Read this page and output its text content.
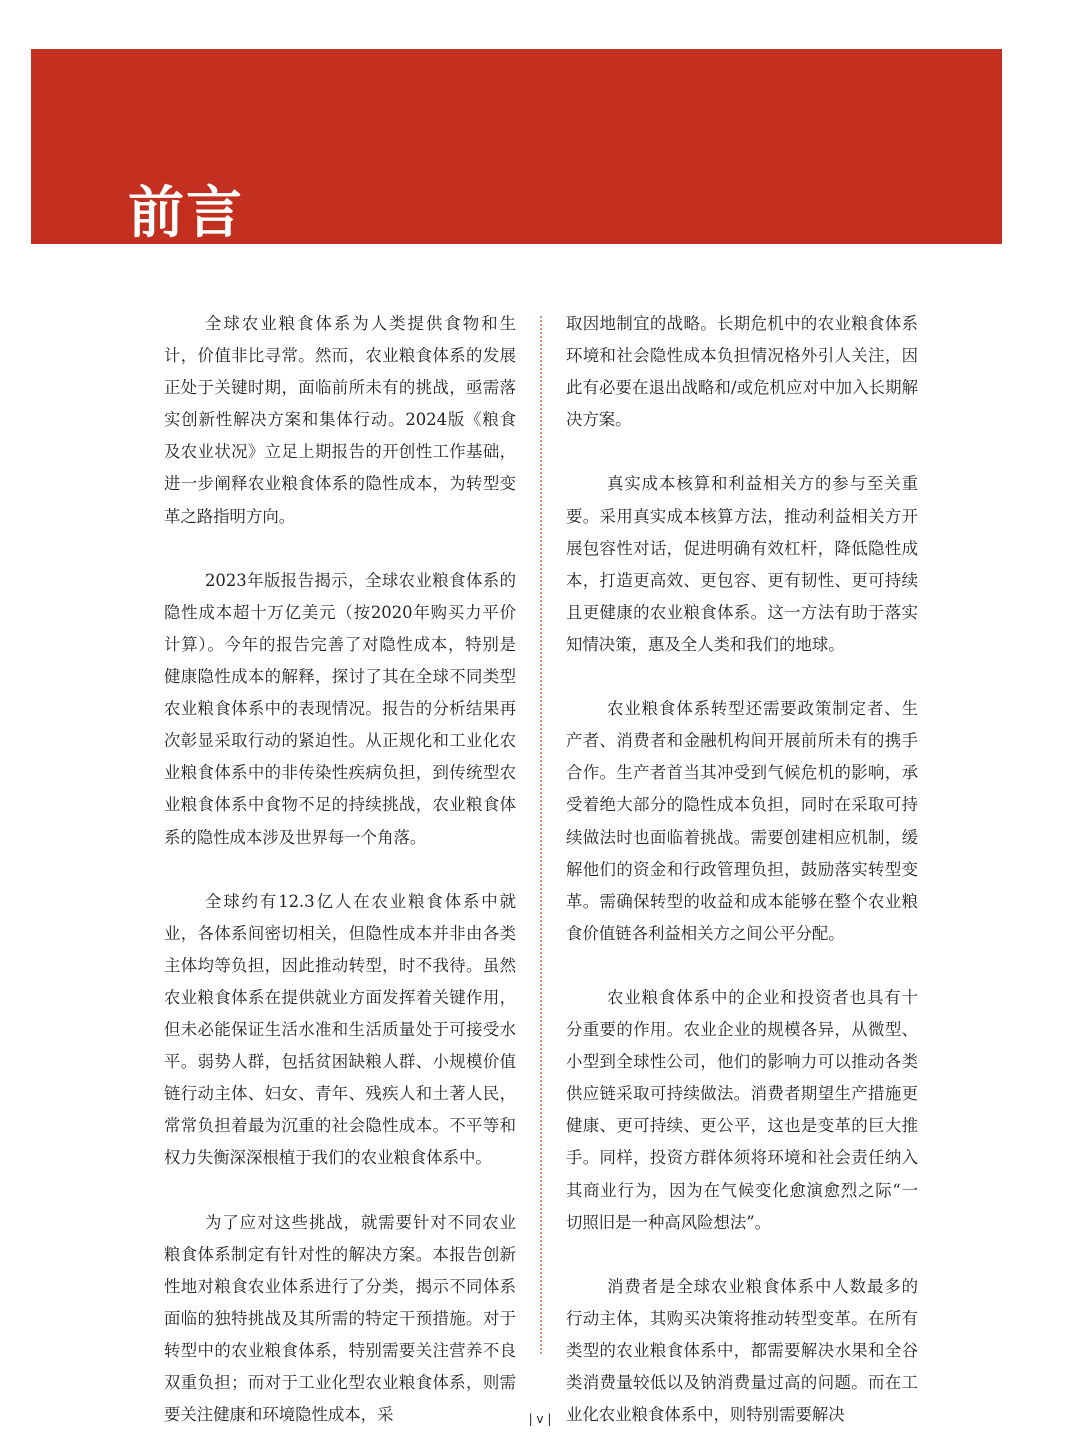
前言

全球农业粮食体系为人类提供食物和生计，价值非比寻常。然而，农业粮食体系的发展正处于关键时期，面临前所未有的挑战，亟需落实创新性解决方案和集体行动。2024版《粮食及农业状况》立足上期报告的开创性工作基础，进一步阐释农业粮食体系的隐性成本，为转型变革之路指明方向。

2023年版报告揭示，全球农业粮食体系的隐性成本超十万亿美元（按2020年购买力平价计算）。今年的报告完善了对隐性成本，特别是健康隐性成本的解释，探讨了其在全球不同类型农业粮食体系中的表现情况。报告的分析结果再次彰显采取行动的紧迫性。从正规化和工业化农业粮食体系中的非传染性疾病负担，到传统型农业粮食体系中食物不足的持续挑战，农业粮食体系的隐性成本涉及世界每一个角落。

全球约有12.3亿人在农业粮食体系中就业，各体系间密切相关，但隐性成本并非由各类主体均等负担，因此推动转型，时不我待。虽然农业粮食体系在提供就业方面发挥着关键作用，但未必能保证生活水准和生活质量处于可接受水平。弱势人群，包括贫困缺粮人群、小规模价值链行动主体、妇女、青年、残疾人和土著人民，常常负担着最为沉重的社会隐性成本。不平等和权力失衡深深根植于我们的农业粮食体系中。

为了应对这些挑战，就需要针对不同农业粮食体系制定有针对性的解决方案。本报告创新性地对粮食农业体系进行了分类，揭示不同体系面临的独特挑战及其所需的特定干预措施。对于转型中的农业粮食体系，特别需要关注营养不良双重负担；而对于工业化型农业粮食体系，则需要关注健康和环境隐性成本，采

取因地制宜的战略。长期危机中的农业粮食体系环境和社会隐性成本负担情况格外引人关注，因此有必要在退出战略和/或危机应对中加入长期解决方案。

真实成本核算和利益相关方的参与至关重要。采用真实成本核算方法，推动利益相关方开展包容性对话，促进明确有效杠杆，降低隐性成本，打造更高效、更包容、更有韧性、更可持续且更健康的农业粮食体系。这一方法有助于落实知情决策，惠及全人类和我们的地球。

农业粮食体系转型还需要政策制定者、生产者、消费者和金融机构间开展前所未有的携手合作。生产者首当其冲受到气候危机的影响，承受着绝大部分的隐性成本负担，同时在采取可持续做法时也面临着挑战。需要创建相应机制，缓解他们的资金和行政管理负担，鼓励落实转型变革。需确保转型的收益和成本能够在整个农业粮食价值链各利益相关方之间公平分配。

农业粮食体系中的企业和投资者也具有十分重要的作用。农业企业的规模各异，从微型、小型到全球性公司，他们的影响力可以推动各类供应链采取可持续做法。消费者期望生产措施更健康、更可持续、更公平，这也是变革的巨大推手。同样，投资方群体须将环境和社会责任纳入其商业行为，因为在气候变化愈演愈烈之际“一切照旧是一种高风险想法”。

消费者是全球农业粮食体系中人数最多的行动主体，其购买决策将推动转型变革。在所有类型的农业粮食体系中，都需要解决水果和全谷类消费量较低以及钠消费量过高的问题。而在工业化农业粮食体系中，则特别需要解决

| v |
